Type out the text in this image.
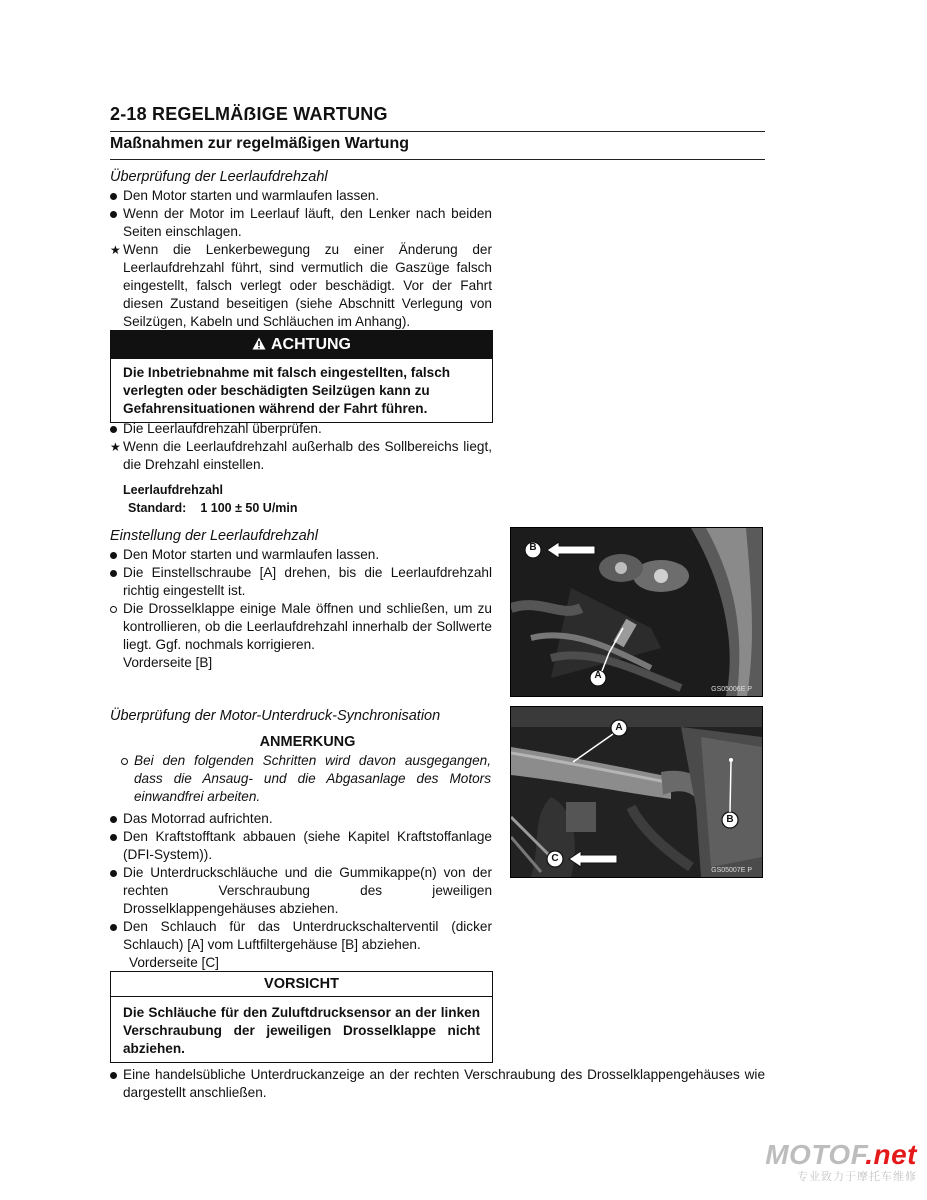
2-18 REGELMÄẞIGE WARTUNG
Maßnahmen zur regelmäßigen Wartung
Überprüfung der Leerlaufdrehzahl
Den Motor starten und warmlaufen lassen.
Wenn der Motor im Leerlauf läuft, den Lenker nach beiden Seiten einschlagen.
★ Wenn die Lenkerbewegung zu einer Änderung der Leerlaufdrehzahl führt, sind vermutlich die Gaszüge falsch eingestellt, falsch verlegt oder beschädigt. Vor der Fahrt diesen Zustand beseitigen (siehe Abschnitt Verlegung von Seilzügen, Kabeln und Schläuchen im Anhang).
ACHTUNG
Die Inbetriebnahme mit falsch eingestellten, falsch verlegten oder beschädigten Seilzügen kann zu Gefahrensituationen während der Fahrt führen.
Die Leerlaufdrehzahl überprüfen.
★ Wenn die Leerlaufdrehzahl außerhalb des Sollbereichs liegt, die Drehzahl einstellen.
Leerlaufdrehzahl
Standard: 1 100 ± 50 U/min
Einstellung der Leerlaufdrehzahl
Den Motor starten und warmlaufen lassen.
Die Einstellschraube [A] drehen, bis die Leerlaufdrehzahl richtig eingestellt ist.
Die Drosselklappe einige Male öffnen und schließen, um zu kontrollieren, ob die Leerlaufdrehzahl innerhalb der Sollwerte liegt. Ggf. nochmals korrigieren.
Vorderseite [B]
B
A
GS05006E P
Überprüfung der Motor-Unterdruck-Synchronisation
ANMERKUNG
Bei den folgenden Schritten wird davon ausgegangen, dass die Ansaug- und die Abgasanlage des Motors einwandfrei arbeiten.
Das Motorrad aufrichten.
Den Kraftstofftank abbauen (siehe Kapitel Kraftstoffanlage (DFI-System)).
Die Unterdruckschläuche und die Gummikappe(n) von der rechten Verschraubung des jeweiligen Drosselklappengehäuses abziehen.
Den Schlauch für das Unterdruckschalterventil (dicker Schlauch) [A] vom Luftfiltergehäuse [B] abziehen.
Vorderseite [C]
VORSICHT
Die Schläuche für den Zuluftdrucksensor an der linken Verschraubung der jeweiligen Drosselklappe nicht abziehen.
Eine handelsübliche Unterdruckanzeige an der rechten Verschraubung des Drosselklappengehäuses wie dargestellt anschließen.
A
B
C
GS05007E P
MOTOF.net
专业致力于摩托车维修
